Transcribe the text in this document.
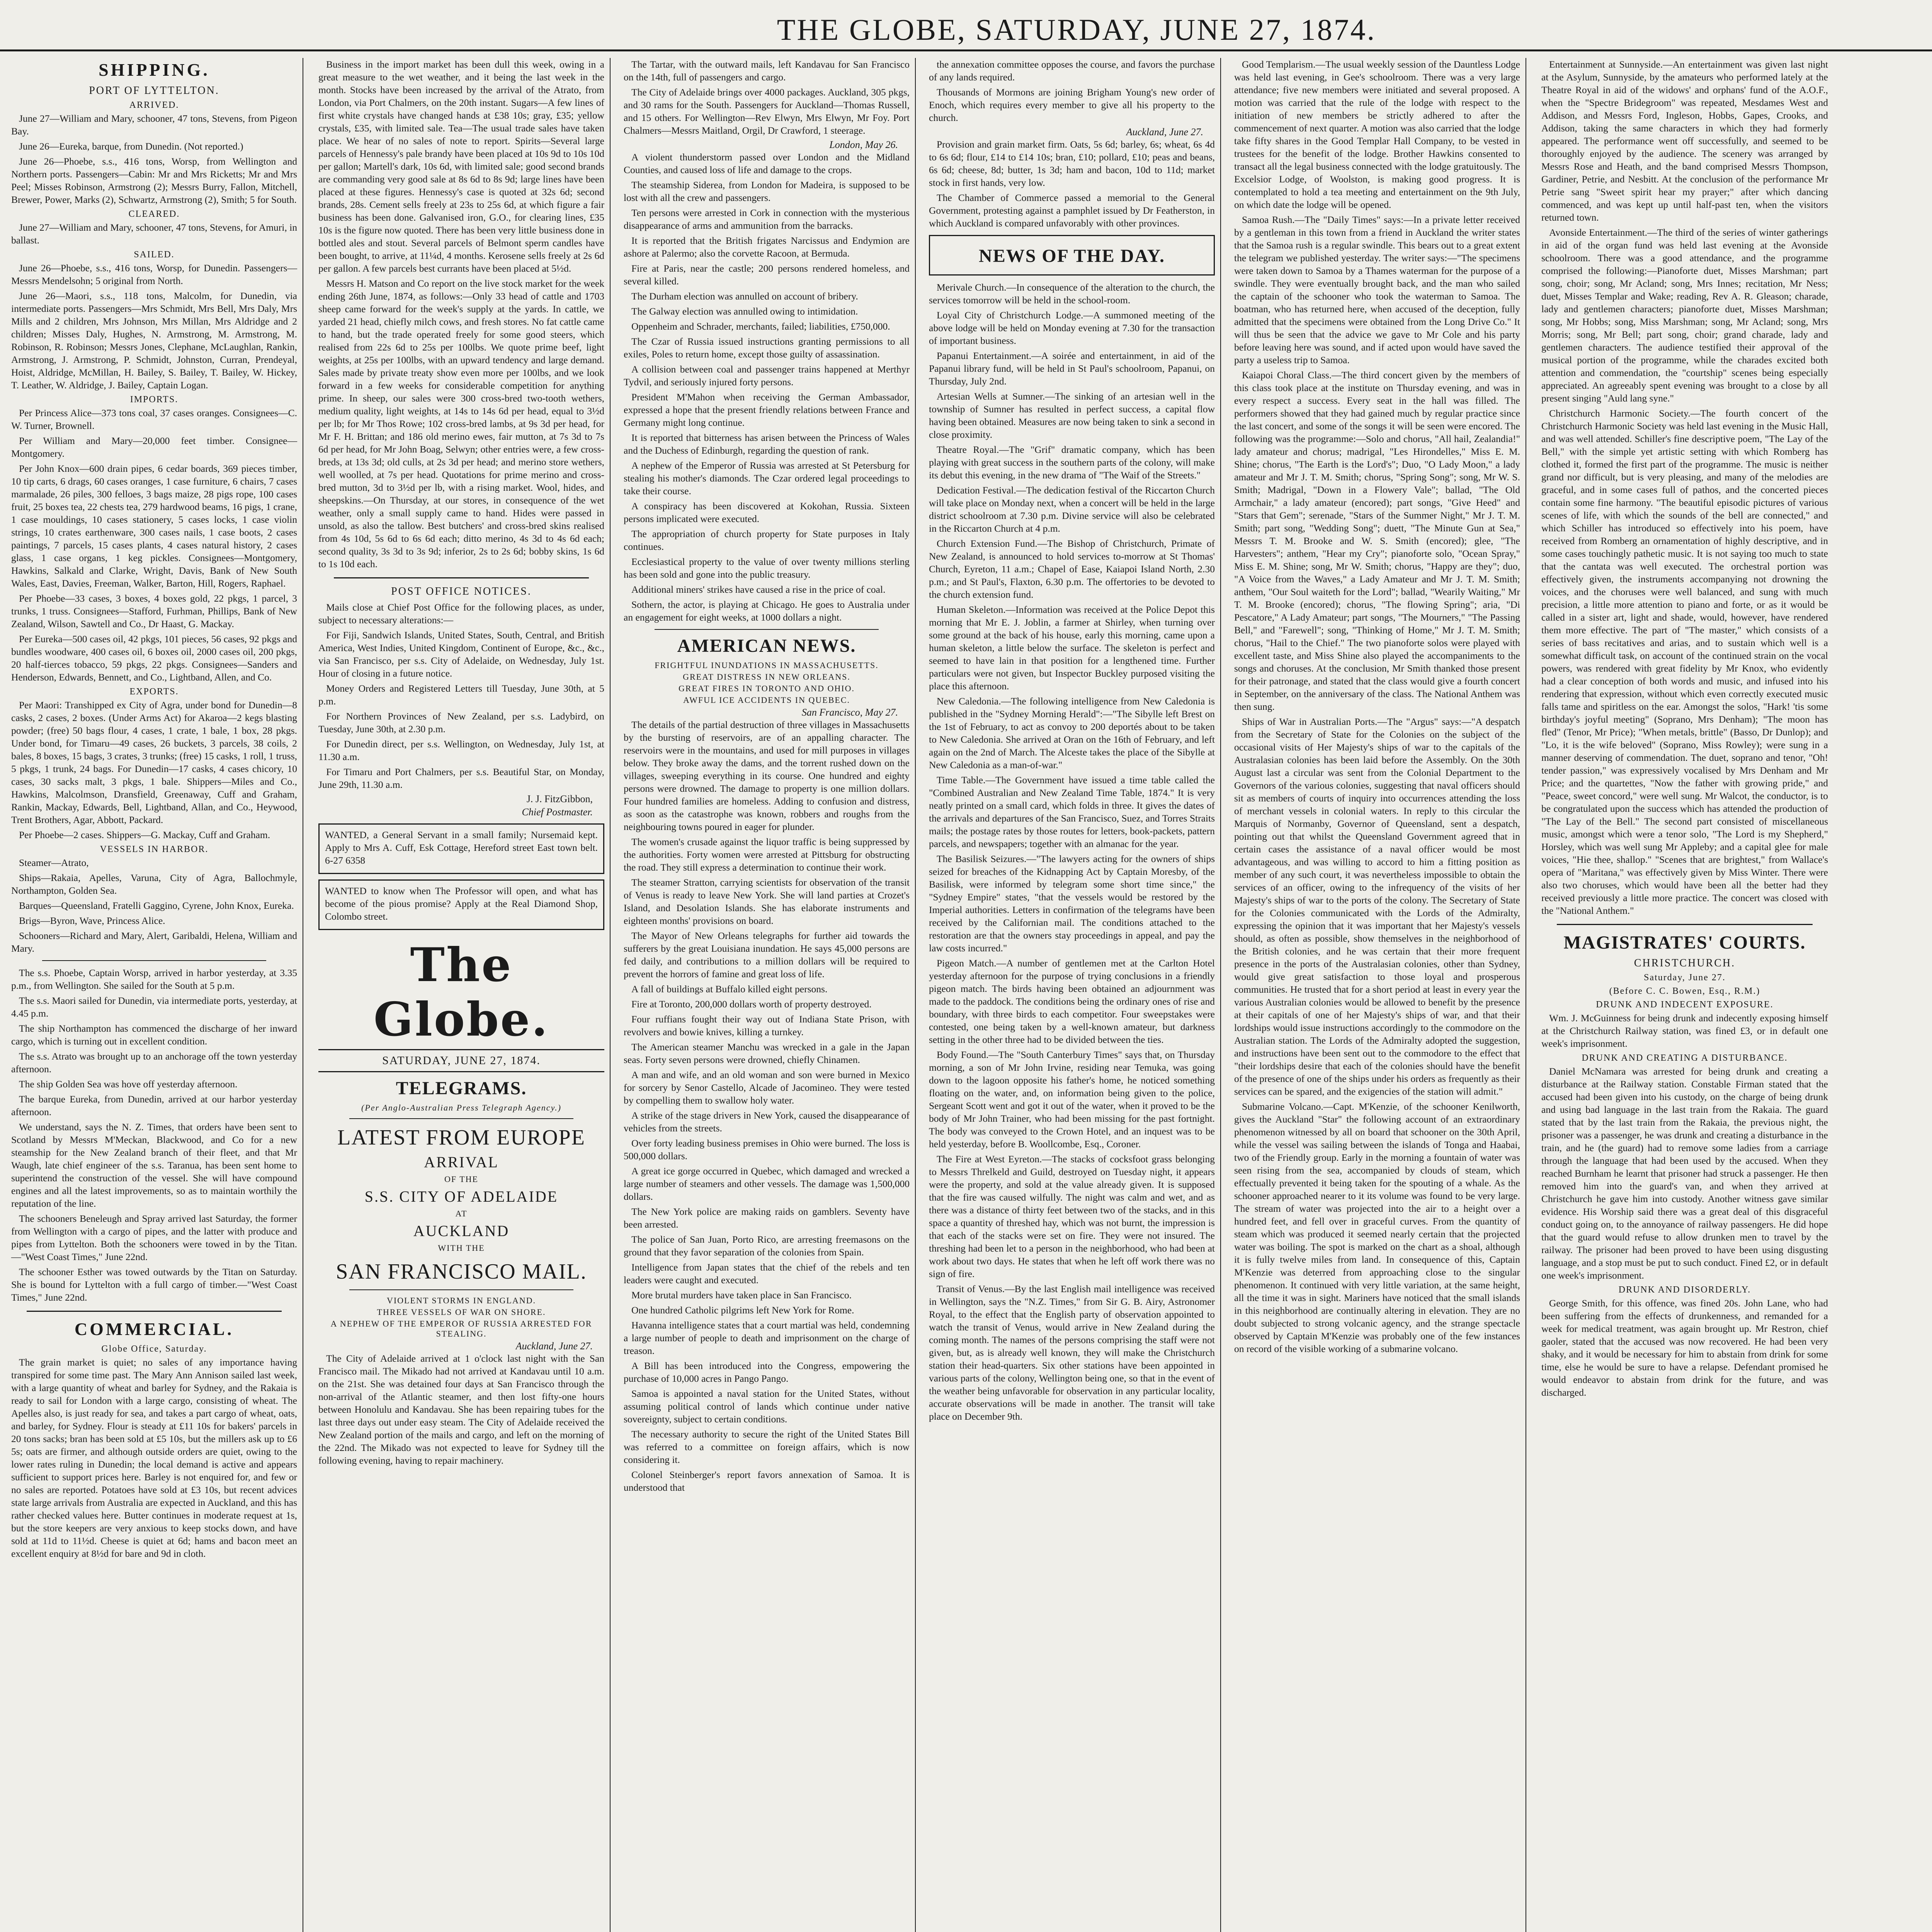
THE GLOBE, SATURDAY, JUNE 27, 1874.
SHIPPING.
PORT OF LYTTELTON.
ARRIVED.

June 27—William and Mary, schooner, 47 tons, Stevens, from Pigeon Bay.

June 26—Eureka, barque, from Dunedin. (Not reported.)

June 26—Phoebe, s.s., 416 tons, Worsp, from Wellington and Northern ports. Passengers—Cabin: Mr and Mrs Ricketts; Mr and Mrs Peel; Misses Robinson, Armstrong (2); Messrs Burry, Fallon, Mitchell, Brewer, Power, Marks (2), Schwartz, Armstrong (2), Smith; 5 for South.

CLEARED.

June 27—William and Mary, schooner, 47 tons, Stevens, for Amuri, in ballast.

SAILED.

June 26—Phoebe, s.s., 416 tons, Worsp, for Dunedin. Passengers—Messrs Mendelsohn; 5 original from North.

June 26—Maori, s.s., 118 tons, Malcolm, for Dunedin, via intermediate ports. Passengers—Mrs Schmidt, Mrs Bell, Mrs Daly, Mrs Mills and 2 children, Mrs Johnson, Mrs Millan, Mrs Aldridge and 2 children; Misses Daly, Hughes, N. Armstrong, M. Armstrong, M. Robinson, R. Robinson; Messrs Jones, Clephane, McLaughlan, Rankin, Armstrong, J. Armstrong, P. Schmidt, Johnston, Curran, Prendeyal, Hoist, Aldridge, McMillan, H. Bailey, S. Bailey, T. Bailey, W. Hickey, T. Leather, W. Aldridge, J. Bailey, Captain Logan.

IMPORTS.

Per Princess Alice—373 tons coal, 37 cases oranges. Consignees—C. W. Turner, Brownell.

Per William and Mary—20,000 feet timber. Consignee—Montgomery.

Per John Knox—600 drain pipes, 6 cedar boards, 369 pieces timber, 10 tip carts, 6 drags, 60 cases oranges, 1 case furniture, 6 chairs, 7 cases marmalade, 26 piles, 300 felloes, 3 bags maize, 28 pigs rope, 100 cases fruit, 25 boxes tea, 22 chests tea, 279 hardwood beams, 16 pigs, 1 crane, 1 case mouldings, 10 cases stationery, 5 cases locks, 1 case violin strings, 10 crates earthenware, 300 cases nails, 1 case boots, 2 cases paintings, 7 parcels, 15 cases plants, 4 cases natural history, 2 cases glass, 1 case organs, 1 keg pickles. Consignees—Montgomery, Hawkins, Salkald and Clarke, Wright, Davis, Bank of New South Wales, East, Davies, Freeman, Walker, Barton, Hill, Rogers, Raphael.

Per Phoebe—33 cases, 3 boxes, 4 boxes gold, 22 pkgs, 1 parcel, 3 trunks, 1 truss. Consignees—Stafford, Furhman, Phillips, Bank of New Zealand, Wilson, Sawtell and Co., Dr Haast, G. Mackay.

Per Eureka—500 cases oil, 42 pkgs, 101 pieces, 56 cases, 92 pkgs and bundles woodware, 400 cases oil, 6 boxes oil, 2000 cases oil, 200 pkgs, 20 half-tierces tobacco, 59 pkgs, 22 pkgs. Consignees—Sanders and Henderson, Edwards, Bennett, and Co., Lightband, Allen, and Co.

EXPORTS.

Per Maori: Transhipped ex City of Agra, under bond for Dunedin—8 casks, 2 cases, 2 boxes. (Under Arms Act) for Akaroa—2 kegs blasting powder; (free) 50 bags flour, 4 cases, 1 crate, 1 bale, 1 box, 28 pkgs. Under bond, for Timaru—49 cases, 26 buckets, 3 parcels, 38 coils, 2 bales, 8 boxes, 15 bags, 3 crates, 3 trunks; (free) 15 casks, 1 roll, 1 truss, 5 pkgs, 1 trunk, 24 bags. For Dunedin—17 casks, 4 cases chicory, 10 cases, 30 sacks malt, 3 pkgs, 1 bale. Shippers—Miles and Co., Hawkins, Malcolmson, Dransfield, Greenaway, Cuff and Graham, Rankin, Mackay, Edwards, Bell, Lightband, Allan, and Co., Heywood, Trent Brothers, Agar, Abbott, Packard.

Per Phoebe—2 cases. Shippers—G. Mackay, Cuff and Graham.

VESSELS IN HARBOR.

Steamer—Atrato,

Ships—Rakaia, Apelles, Varuna, City of Agra, Ballochmyle, Northampton, Golden Sea.

Barques—Queensland, Fratelli Gaggino, Cyrene, John Knox, Eureka.

Brigs—Byron, Wave, Princess Alice.

Schooners—Richard and Mary, Alert, Garibaldi, Helena, William and Mary.

The s.s. Phoebe, Captain Worsp, arrived in harbor yesterday, at 3.35 p.m., from Wellington. She sailed for the South at 5 p.m.

The s.s. Maori sailed for Dunedin, via intermediate ports, yesterday, at 4.45 p.m.

The ship Northampton has commenced the discharge of her inward cargo, which is turning out in excellent condition.

The s.s. Atrato was brought up to an anchorage off the town yesterday afternoon.

The ship Golden Sea was hove off yesterday afternoon.

The barque Eureka, from Dunedin, arrived at our harbor yesterday afternoon.

We understand, says the N. Z. Times, that orders have been sent to Scotland by Messrs M'Meckan, Blackwood, and Co for a new steamship for the New Zealand branch of their fleet, and that Mr Waugh, late chief engineer of the s.s. Taranua, has been sent home to superintend the construction of the vessel. She will have compound engines and all the latest improvements, so as to maintain worthily the reputation of the line.

The schooners Beneleugh and Spray arrived last Saturday, the former from Wellington with a cargo of pipes, and the latter with produce and pipes from Lyttelton. Both the schooners were towed in by the Titan.—"West Coast Times," June 22nd.

The schooner Esther was towed outwards by the Titan on Saturday. She is bound for Lyttelton with a full cargo of timber.—"West Coast Times," June 22nd.

COMMERCIAL.
Globe Office, Saturday.

The grain market is quiet; no sales of any importance having transpired for some time past. The Mary Ann Annison sailed last week, with a large quantity of wheat and barley for Sydney, and the Rakaia is ready to sail for London with a large cargo, consisting of wheat. The Apelles also, is just ready for sea, and takes a part cargo of wheat, oats, and barley, for Sydney. Flour is steady at £11 10s for bakers' parcels in 20 tons sacks; bran has been sold at £5 10s, but the millers ask up to £6 5s; oats are firmer, and although outside orders are quiet, owing to the lower rates ruling in Dunedin; the local demand is active and appears sufficient to support prices here. Barley is not enquired for, and few or no sales are reported. Potatoes have sold at £3 10s, but recent advices state large arrivals from Australia are expected in Auckland, and this has rather checked values here. Butter continues in moderate request at 1s, but the store keepers are very anxious to keep stocks down, and have sold at 11d to 11½d. Cheese is quiet at 6d; hams and bacon meet an excellent enquiry at 8½d for bare and 9d in cloth.

Business in the import market has been dull this week, owing in a great measure to the wet weather, and it being the last week in the month. Stocks have been increased by the arrival of the Atrato, from London, via Port Chalmers, on the 20th instant. Sugars—A few lines of first white crystals have changed hands at £38 10s; gray, £35; yellow crystals, £35, with limited sale. Tea—The usual trade sales have taken place. We hear of no sales of note to report. Spirits—Several large parcels of Hennessy's pale brandy have been placed at 10s 9d to 10s 10d per gallon; Martell's dark, 10s 6d, with limited sale; good second brands are commanding very good sale at 8s 6d to 8s 9d; large lines have been placed at these figures. Hennessy's case is quoted at 32s 6d; second brands, 28s. Cement sells freely at 23s to 25s 6d, at which figure a fair business has been done. Galvanised iron, G.O., for clearing lines, £35 10s is the figure now quoted. There has been very little business done in bottled ales and stout. Several parcels of Belmont sperm candles have been bought, to arrive, at 11¼d, 4 months. Kerosene sells freely at 2s 6d per gallon. A few parcels best currants have been placed at 5½d.

Messrs H. Matson and Co report on the live stock market for the week ending 26th June, 1874, as follows:—Only 33 head of cattle and 1703 sheep came forward for the week's supply at the yards. In cattle, we yarded 21 head, chiefly milch cows, and fresh stores. No fat cattle came to hand, but the trade operated freely for some good steers, which realised from 22s 6d to 25s per 100lbs. We quote prime beef, light weights, at 25s per 100lbs, with an upward tendency and large demand. Sales made by private treaty show even more per 100lbs, and we look forward in a few weeks for considerable competition for anything prime. In sheep, our sales were 300 cross-bred two-tooth wethers, medium quality, light weights, at 14s to 14s 6d per head, equal to 3½d per lb; for Mr Thos Rowe; 102 cross-bred lambs, at 9s 3d per head, for Mr F. H. Brittan; and 186 old merino ewes, fair mutton, at 7s 3d to 7s 6d per head, for Mr John Boag, Selwyn; other entries were, a few cross-breds, at 13s 3d; old culls, at 2s 3d per head; and merino store wethers, well woolled, at 7s per head. Quotations for prime merino and cross-bred mutton, 3d to 3½d per lb, with a rising market. Wool, hides, and sheepskins.—On Thursday, at our stores, in consequence of the wet weather, only a small supply came to hand. Hides were passed in unsold, as also the tallow. Best butchers' and cross-bred skins realised from 4s 10d, 5s 6d to 6s 6d each; ditto merino, 4s 3d to 4s 6d each; second quality, 3s 3d to 3s 9d; inferior, 2s to 2s 6d; bobby skins, 1s 6d to 1s 10d each.

POST OFFICE NOTICES.

Mails close at Chief Post Office for the following places, as under, subject to necessary alterations:—

For Fiji, Sandwich Islands, United States, South, Central, and British America, West Indies, United Kingdom, Continent of Europe, &c., &c., via San Francisco, per s.s. City of Adelaide, on Wednesday, July 1st. Hour of closing in a future notice.

Money Orders and Registered Letters till Tuesday, June 30th, at 5 p.m.

For Northern Provinces of New Zealand, per s.s. Ladybird, on Tuesday, June 30th, at 2.30 p.m.

For Dunedin direct, per s.s. Wellington, on Wednesday, July 1st, at 11.30 a.m.

For Timaru and Port Chalmers, per s.s. Beautiful Star, on Monday, June 29th, 11.30 a.m.

J. J. FitzGibbon,
Chief Postmaster.

WANTED, a General Servant in a small family; Nursemaid kept. Apply to Mrs A. Cuff, Esk Cottage, Hereford street East town belt. 6-27 6358

WANTED to know when The Professor will open, and what has become of the pious promise? Apply at the Real Diamond Shop, Colombo street.

The Globe.
SATURDAY, JUNE 27, 1874.
TELEGRAMS.
(Per Anglo-Australian Press Telegraph Agency.)
LATEST FROM EUROPE
ARRIVAL
OF THE
S.S. CITY OF ADELAIDE
AT
AUCKLAND
WITH THE
SAN FRANCISCO MAIL.
VIOLENT STORMS IN ENGLAND.
THREE VESSELS OF WAR ON SHORE.
A NEPHEW OF THE EMPEROR OF RUSSIA ARRESTED FOR STEALING.
Auckland, June 27.

The City of Adelaide arrived at 1 o'clock last night with the San Francisco mail. The Mikado had not arrived at Kandavau until 10 a.m. on the 21st. She was detained four days at San Francisco through the non-arrival of the Atlantic steamer, and then lost fifty-one hours between Honolulu and Kandavau. She has been repairing tubes for the last three days out under easy steam. The City of Adelaide received the New Zealand portion of the mails and cargo, and left on the morning of the 22nd. The Mikado was not expected to leave for Sydney till the following evening, having to repair machinery.

The Tartar, with the outward mails, left Kandavau for San Francisco on the 14th, full of passengers and cargo.

The City of Adelaide brings over 4000 packages. Auckland, 305 pkgs, and 30 rams for the South. Passengers for Auckland—Thomas Russell, and 15 others. For Wellington—Rev Elwyn, Mrs Elwyn, Mr Foy. Port Chalmers—Messrs Maitland, Orgil, Dr Crawford, 1 steerage.

London, May 26.

A violent thunderstorm passed over London and the Midland Counties, and caused loss of life and damage to the crops.

The steamship Siderea, from London for Madeira, is supposed to be lost with all the crew and passengers.

Ten persons were arrested in Cork in connection with the mysterious disappearance of arms and ammunition from the barracks.

It is reported that the British frigates Narcissus and Endymion are ashore at Palermo; also the corvette Racoon, at Bermuda.

Fire at Paris, near the castle; 200 persons rendered homeless, and several killed.

The Durham election was annulled on account of bribery.

The Galway election was annulled owing to intimidation.

Oppenheim and Schrader, merchants, failed; liabilities, £750,000.

The Czar of Russia issued instructions granting permissions to all exiles, Poles to return home, except those guilty of assassination.

A collision between coal and passenger trains happened at Merthyr Tydvil, and seriously injured forty persons.

President M'Mahon when receiving the German Ambassador, expressed a hope that the present friendly relations between France and Germany might long continue.

It is reported that bitterness has arisen between the Princess of Wales and the Duchess of Edinburgh, regarding the question of rank.

A nephew of the Emperor of Russia was arrested at St Petersburg for stealing his mother's diamonds. The Czar ordered legal proceedings to take their course.

A conspiracy has been discovered at Kokohan, Russia. Sixteen persons implicated were executed.

The appropriation of church property for State purposes in Italy continues.

Ecclesiastical property to the value of over twenty millions sterling has been sold and gone into the public treasury.

Additional miners' strikes have caused a rise in the price of coal.

Sothern, the actor, is playing at Chicago. He goes to Australia under an engagement for eight weeks, at 1000 dollars a night.

AMERICAN NEWS.
FRIGHTFUL INUNDATIONS IN MASSACHUSETTS.
GREAT DISTRESS IN NEW ORLEANS.
GREAT FIRES IN TORONTO AND OHIO.
AWFUL ICE ACCIDENTS IN QUEBEC.
San Francisco, May 27.

The details of the partial destruction of three villages in Massachusetts by the bursting of reservoirs, are of an appalling character. The reservoirs were in the mountains, and used for mill purposes in villages below. They broke away the dams, and the torrent rushed down on the villages, sweeping everything in its course. One hundred and eighty persons were drowned. The damage to property is one million dollars. Four hundred families are homeless. Adding to confusion and distress, as soon as the catastrophe was known, robbers and roughs from the neighbouring towns poured in eager for plunder.

The women's crusade against the liquor traffic is being suppressed by the authorities. Forty women were arrested at Pittsburg for obstructing the road. They still express a determination to continue their work.

The steamer Stratton, carrying scientists for observation of the transit of Venus is ready to leave New York. She will land parties at Crozet's Island, and Desolation Islands. She has elaborate instruments and eighteen months' provisions on board.

The Mayor of New Orleans telegraphs for further aid towards the sufferers by the great Louisiana inundation. He says 45,000 persons are fed daily, and contributions to a million dollars will be required to prevent the horrors of famine and great loss of life.

A fall of buildings at Buffalo killed eight persons.

Fire at Toronto, 200,000 dollars worth of property destroyed.

Four ruffians fought their way out of Indiana State Prison, with revolvers and bowie knives, killing a turnkey.

The American steamer Manchu was wrecked in a gale in the Japan seas. Forty seven persons were drowned, chiefly Chinamen.

A man and wife, and an old woman and son were burned in Mexico for sorcery by Senor Castello, Alcade of Jacomineo. They were tested by compelling them to swallow holy water.

A strike of the stage drivers in New York, caused the disappearance of vehicles from the streets.

Over forty leading business premises in Ohio were burned. The loss is 500,000 dollars.

A great ice gorge occurred in Quebec, which damaged and wrecked a large number of steamers and other vessels. The damage was 1,500,000 dollars.

The New York police are making raids on gamblers. Seventy have been arrested.

The police of San Juan, Porto Rico, are arresting freemasons on the ground that they favor separation of the colonies from Spain.

Intelligence from Japan states that the chief of the rebels and ten leaders were caught and executed.

More brutal murders have taken place in San Francisco.

One hundred Catholic pilgrims left New York for Rome.

Havanna intelligence states that a court martial was held, condemning a large number of people to death and imprisonment on the charge of treason.

A Bill has been introduced into the Congress, empowering the purchase of 10,000 acres in Pango Pango.

Samoa is appointed a naval station for the United States, without assuming political control of lands which continue under native sovereignty, subject to certain conditions.

The necessary authority to secure the right of the United States Bill was referred to a committee on foreign affairs, which is now considering it.

Colonel Steinberger's report favors annexation of Samoa. It is understood that

the annexation committee opposes the course, and favors the purchase of any lands required.

Thousands of Mormons are joining Brigham Young's new order of Enoch, which requires every member to give all his property to the church.

Auckland, June 27.

Provision and grain market firm. Oats, 5s 6d; barley, 6s; wheat, 6s 4d to 6s 6d; flour, £14 to £14 10s; bran, £10; pollard, £10; peas and beans, 6s 6d; cheese, 8d; butter, 1s 3d; ham and bacon, 10d to 11d; market stock in first hands, very low.

The Chamber of Commerce passed a memorial to the General Government, protesting against a pamphlet issued by Dr Featherston, in which Auckland is compared unfavorably with other provinces.

NEWS OF THE DAY.

Merivale Church.—In consequence of the alteration to the church, the services tomorrow will be held in the school-room.

Loyal City of Christchurch Lodge.—A summoned meeting of the above lodge will be held on Monday evening at 7.30 for the transaction of important business.

Papanui Entertainment.—A soirée and entertainment, in aid of the Papanui library fund, will be held in St Paul's schoolroom, Papanui, on Thursday, July 2nd.

Artesian Wells at Sumner.—The sinking of an artesian well in the township of Sumner has resulted in perfect success, a capital flow having been obtained. Measures are now being taken to sink a second in close proximity.

Theatre Royal.—The "Grif" dramatic company, which has been playing with great success in the southern parts of the colony, will make its debut this evening, in the new drama of "The Waif of the Streets."

Dedication Festival.—The dedication festival of the Riccarton Church will take place on Monday next, when a concert will be held in the large district schoolroom at 7.30 p.m. Divine service will also be celebrated in the Riccarton Church at 4 p.m.

Church Extension Fund.—The Bishop of Christchurch, Primate of New Zealand, is announced to hold services to-morrow at St Thomas' Church, Eyreton, 11 a.m.; Chapel of Ease, Kaiapoi Island North, 2.30 p.m.; and St Paul's, Flaxton, 6.30 p.m. The offertories to be devoted to the church extension fund.

Human Skeleton.—Information was received at the Police Depot this morning that Mr E. J. Joblin, a farmer at Shirley, when turning over some ground at the back of his house, early this morning, came upon a human skeleton, a little below the surface. The skeleton is perfect and seemed to have lain in that position for a lengthened time. Further particulars were not given, but Inspector Buckley purposed visiting the place this afternoon.

New Caledonia.—The following intelligence from New Caledonia is published in the "Sydney Morning Herald":—"The Sibylle left Brest on the 1st of February, to act as convoy to 200 deportés about to be taken to New Caledonia. She arrived at Oran on the 16th of February, and left again on the 2nd of March. The Alceste takes the place of the Sibylle at New Caledonia as a man-of-war."

Time Table.—The Government have issued a time table called the "Combined Australian and New Zealand Time Table, 1874." It is very neatly printed on a small card, which folds in three. It gives the dates of the arrivals and departures of the San Francisco, Suez, and Torres Straits mails; the postage rates by those routes for letters, book-packets, pattern parcels, and newspapers; together with an almanac for the year.

The Basilisk Seizures.—"The lawyers acting for the owners of ships seized for breaches of the Kidnapping Act by Captain Moresby, of the Basilisk, were informed by telegram some short time since," the "Sydney Empire" states, "that the vessels would be restored by the Imperial authorities. Letters in confirmation of the telegrams have been received by the Californian mail. The conditions attached to the restoration are that the owners stay proceedings in appeal, and pay the law costs incurred."

Pigeon Match.—A number of gentlemen met at the Carlton Hotel yesterday afternoon for the purpose of trying conclusions in a friendly pigeon match. The birds having been obtained an adjournment was made to the paddock. The conditions being the ordinary ones of rise and boundary, with three birds to each competitor. Four sweepstakes were contested, one being taken by a well-known amateur, but darkness setting in the other three had to be divided between the ties.

Body Found.—The "South Canterbury Times" says that, on Thursday morning, a son of Mr John Irvine, residing near Temuka, was going down to the lagoon opposite his father's home, he noticed something floating on the water, and, on information being given to the police, Sergeant Scott went and got it out of the water, when it proved to be the body of Mr John Trainer, who had been missing for the past fortnight. The body was conveyed to the Crown Hotel, and an inquest was to be held yesterday, before B. Woollcombe, Esq., Coroner.

The Fire at West Eyreton.—The stacks of cocksfoot grass belonging to Messrs Threlkeld and Guild, destroyed on Tuesday night, it appears were the property, and sold at the value already given. It is supposed that the fire was caused wilfully. The night was calm and wet, and as there was a distance of thirty feet between two of the stacks, and in this space a quantity of threshed hay, which was not burnt, the impression is that each of the stacks were set on fire. They were not insured. The threshing had been let to a person in the neighborhood, who had been at work about two days. He states that when he left off work there was no sign of fire.

Transit of Venus.—By the last English mail intelligence was received in Wellington, says the "N.Z. Times," from Sir G. B. Airy, Astronomer Royal, to the effect that the English party of observation appointed to watch the transit of Venus, would arrive in New Zealand during the coming month. The names of the persons comprising the staff were not given, but, as is already well known, they will make the Christchurch station their head-quarters. Six other stations have been appointed in various parts of the colony, Wellington being one, so that in the event of the weather being unfavorable for observation in any particular locality, accurate observations will be made in another. The transit will take place on December 9th.

Good Templarism.—The usual weekly session of the Dauntless Lodge was held last evening, in Gee's schoolroom. There was a very large attendance; five new members were initiated and several proposed. A motion was carried that the rule of the lodge with respect to the initiation of new members be strictly adhered to after the commencement of next quarter. A motion was also carried that the lodge take fifty shares in the Good Templar Hall Company, to be vested in trustees for the benefit of the lodge. Brother Hawkins consented to transact all the legal business connected with the lodge gratuitously. The Excelsior Lodge, of Woolston, is making good progress. It is contemplated to hold a tea meeting and entertainment on the 9th July, on which date the lodge will be opened.

Samoa Rush.—The "Daily Times" says:—In a private letter received by a gentleman in this town from a friend in Auckland the writer states that the Samoa rush is a regular swindle. This bears out to a great extent the telegram we published yesterday. The writer says:—"The specimens were taken down to Samoa by a Thames waterman for the purpose of a swindle. They were eventually brought back, and the man who sailed the captain of the schooner who took the waterman to Samoa. The boatman, who has returned here, when accused of the deception, fully admitted that the specimens were obtained from the Long Drive Co." It will thus be seen that the advice we gave to Mr Cole and his party before leaving here was sound, and if acted upon would have saved the party a useless trip to Samoa.

Kaiapoi Choral Class.—The third concert given by the members of this class took place at the institute on Thursday evening, and was in every respect a success. Every seat in the hall was filled. The performers showed that they had gained much by regular practice since the last concert, and some of the songs it will be seen were encored. The following was the programme:—Solo and chorus, "All hail, Zealandia!" lady amateur and chorus; madrigal, "Les Hirondelles," Miss E. M. Shine; chorus, "The Earth is the Lord's"; Duo, "O Lady Moon," a lady amateur and Mr J. T. M. Smith; chorus, "Spring Song"; song, Mr W. S. Smith; Madrigal, "Down in a Flowery Vale"; ballad, "The Old Armchair," a lady amateur (encored); part songs, "Give Heed" and "Stars that Gem"; serenade, "Stars of the Summer Night," Mr J. T. M. Smith; part song, "Wedding Song"; duett, "The Minute Gun at Sea," Messrs T. M. Brooke and W. S. Smith (encored); glee, "The Harvesters"; anthem, "Hear my Cry"; pianoforte solo, "Ocean Spray," Miss E. M. Shine; song, Mr W. Smith; chorus, "Happy are they"; duo, "A Voice from the Waves," a Lady Amateur and Mr J. T. M. Smith; anthem, "Our Soul waiteth for the Lord"; ballad, "Wearily Waiting," Mr T. M. Brooke (encored); chorus, "The flowing Spring"; aria, "Di Pescatore," A Lady Amateur; part songs, "The Mourners," "The Passing Bell," and "Farewell"; song, "Thinking of Home," Mr J. T. M. Smith; chorus, "Hail to the Chief." The two pianoforte solos were played with excellent taste, and Miss Shine also played the accompaniments to the songs and choruses. At the conclusion, Mr Smith thanked those present for their patronage, and stated that the class would give a fourth concert in September, on the anniversary of the class. The National Anthem was then sung.

Ships of War in Australian Ports.—The "Argus" says:—"A despatch from the Secretary of State for the Colonies on the subject of the occasional visits of Her Majesty's ships of war to the capitals of the Australasian colonies has been laid before the Assembly. On the 30th August last a circular was sent from the Colonial Department to the Governors of the various colonies, suggesting that naval officers should sit as members of courts of inquiry into occurrences attending the loss of merchant vessels in colonial waters. In reply to this circular the Marquis of Normanby, Governor of Queensland, sent a despatch, pointing out that whilst the Queensland Government agreed that in certain cases the assistance of a naval officer would be most advantageous, and was willing to accord to him a fitting position as member of any such court, it was nevertheless impossible to obtain the services of an officer, owing to the infrequency of the visits of her Majesty's ships of war to the ports of the colony. The Secretary of State for the Colonies communicated with the Lords of the Admiralty, expressing the opinion that it was important that her Majesty's vessels should, as often as possible, show themselves in the neighborhood of the British colonies, and he was certain that their more frequent presence in the ports of the Australasian colonies, other than Sydney, would give great satisfaction to those loyal and prosperous communities. He trusted that for a short period at least in every year the various Australian colonies would be allowed to benefit by the presence at their capitals of one of her Majesty's ships of war, and that their lordships would issue instructions accordingly to the commodore on the Australian station. The Lords of the Admiralty adopted the suggestion, and instructions have been sent out to the commodore to the effect that "their lordships desire that each of the colonies should have the benefit of the presence of one of the ships under his orders as frequently as their services can be spared, and the exigencies of the station will admit."

Submarine Volcano.—Capt. M'Kenzie, of the schooner Kenilworth, gives the Auckland "Star" the following account of an extraordinary phenomenon witnessed by all on board that schooner on the 30th April, while the vessel was sailing between the islands of Tonga and Haabai, two of the Friendly group. Early in the morning a fountain of water was seen rising from the sea, accompanied by clouds of steam, which effectually prevented it being taken for the spouting of a whale. As the schooner approached nearer to it its volume was found to be very large. The stream of water was projected into the air to a height over a hundred feet, and fell over in graceful curves. From the quantity of steam which was produced it seemed nearly certain that the projected water was boiling. The spot is marked on the chart as a shoal, although it is fully twelve miles from land. In consequence of this, Captain M'Kenzie was deterred from approaching close to the singular phenomenon. It continued with very little variation, at the same height, all the time it was in sight. Mariners have noticed that the small islands in this neighborhood are continually altering in elevation. They are no doubt subjected to strong volcanic agency, and the strange spectacle observed by Captain M'Kenzie was probably one of the few instances on record of the visible working of a submarine volcano.

Entertainment at Sunnyside.—An entertainment was given last night at the Asylum, Sunnyside, by the amateurs who performed lately at the Theatre Royal in aid of the widows' and orphans' fund of the A.O.F., when the "Spectre Bridegroom" was repeated, Mesdames West and Addison, and Messrs Ford, Ingleson, Hobbs, Gapes, Crooks, and Addison, taking the same characters in which they had formerly appeared. The performance went off successfully, and seemed to be thoroughly enjoyed by the audience. The scenery was arranged by Messrs Rose and Heath, and the band comprised Messrs Thompson, Gardiner, Petrie, and Nesbitt. At the conclusion of the performance Mr Petrie sang "Sweet spirit hear my prayer;" after which dancing commenced, and was kept up until half-past ten, when the visitors returned town.

Avonside Entertainment.—The third of the series of winter gatherings in aid of the organ fund was held last evening at the Avonside schoolroom. There was a good attendance, and the programme comprised the following:—Pianoforte duet, Misses Marshman; part song, choir; song, Mr Acland; song, Mrs Innes; recitation, Mr Ness; duet, Misses Templar and Wake; reading, Rev A. R. Gleason; charade, lady and gentlemen characters; pianoforte duet, Misses Marshman; song, Mr Hobbs; song, Miss Marshman; song, Mr Acland; song, Mrs Morris; song, Mr Bell; part song, choir; grand charade, lady and gentlemen characters. The audience testified their approval of the musical portion of the programme, while the charades excited both attention and commendation, the "courtship" scenes being especially appreciated. An agreeably spent evening was brought to a close by all present singing "Auld lang syne."

Christchurch Harmonic Society.—The fourth concert of the Christchurch Harmonic Society was held last evening in the Music Hall, and was well attended. Schiller's fine descriptive poem, "The Lay of the Bell," with the simple yet artistic setting with which Romberg has clothed it, formed the first part of the programme. The music is neither grand nor difficult, but is very pleasing, and many of the melodies are graceful, and in some cases full of pathos, and the concerted pieces contain some fine harmony. "The beautiful episodic pictures of various scenes of life, with which the sounds of the bell are connected," and which Schiller has introduced so effectively into his poem, have received from Romberg an ornamentation of highly descriptive, and in some cases touchingly pathetic music. It is not saying too much to state that the cantata was well executed. The orchestral portion was effectively given, the instruments accompanying not drowning the voices, and the choruses were well balanced, and sung with much precision, a little more attention to piano and forte, or as it would be called in a sister art, light and shade, would, however, have rendered them more effective. The part of "The master," which consists of a series of bass recitatives and arias, and to sustain which well is a somewhat difficult task, on account of the continued strain on the vocal powers, was rendered with great fidelity by Mr Knox, who evidently had a clear conception of both words and music, and infused into his rendering that expression, without which even correctly executed music falls tame and spiritless on the ear. Amongst the solos, "Hark! 'tis some birthday's joyful meeting" (Soprano, Mrs Denham); "The moon has fled" (Tenor, Mr Price); "When metals, brittle" (Basso, Dr Dunlop); and "Lo, it is the wife beloved" (Soprano, Miss Rowley); were sung in a manner deserving of commendation. The duet, soprano and tenor, "Oh! tender passion," was expressively vocalised by Mrs Denham and Mr Price; and the quartettes, "Now the father with growing pride," and "Peace, sweet concord," were well sung. Mr Walcot, the conductor, is to be congratulated upon the success which has attended the production of "The Lay of the Bell." The second part consisted of miscellaneous music, amongst which were a tenor solo, "The Lord is my Shepherd," Horsley, which was well sung Mr Appleby; and a capital glee for male voices, "Hie thee, shallop." "Scenes that are brightest," from Wallace's opera of "Maritana," was effectively given by Miss Winter. There were also two choruses, which would have been all the better had they received previously a little more practice. The concert was closed with the "National Anthem."

MAGISTRATES' COURTS.
CHRISTCHURCH.
Saturday, June 27.
(Before C. C. Bowen, Esq., R.M.)
DRUNK AND INDECENT EXPOSURE.

Wm. J. McGuinness for being drunk and indecently exposing himself at the Christchurch Railway station, was fined £3, or in default one week's imprisonment.

DRUNK AND CREATING A DISTURBANCE.

Daniel McNamara was arrested for being drunk and creating a disturbance at the Railway station. Constable Firman stated that the accused had been given into his custody, on the charge of being drunk and using bad language in the last train from the Rakaia. The guard stated that by the last train from the Rakaia, the previous night, the prisoner was a passenger, he was drunk and creating a disturbance in the train, and he (the guard) had to remove some ladies from a carriage through the language that had been used by the accused. When they reached Burnham he learnt that prisoner had struck a passenger. He then removed him into the guard's van, and when they arrived at Christchurch he gave him into custody. Another witness gave similar evidence. His Worship said there was a great deal of this disgraceful conduct going on, to the annoyance of railway passengers. He did hope that the guard would refuse to allow drunken men to travel by the railway. The prisoner had been proved to have been using disgusting language, and a stop must be put to such conduct. Fined £2, or in default one week's imprisonment.

DRUNK AND DISORDERLY.

George Smith, for this offence, was fined 20s. John Lane, who had been suffering from the effects of drunkenness, and remanded for a week for medical treatment, was again brought up. Mr Restron, chief gaoler, stated that the accused was now recovered. He had been very shaky, and it would be necessary for him to abstain from drink for some time, else he would be sure to have a relapse. Defendant promised he would endeavor to abstain from drink for the future, and was discharged.
